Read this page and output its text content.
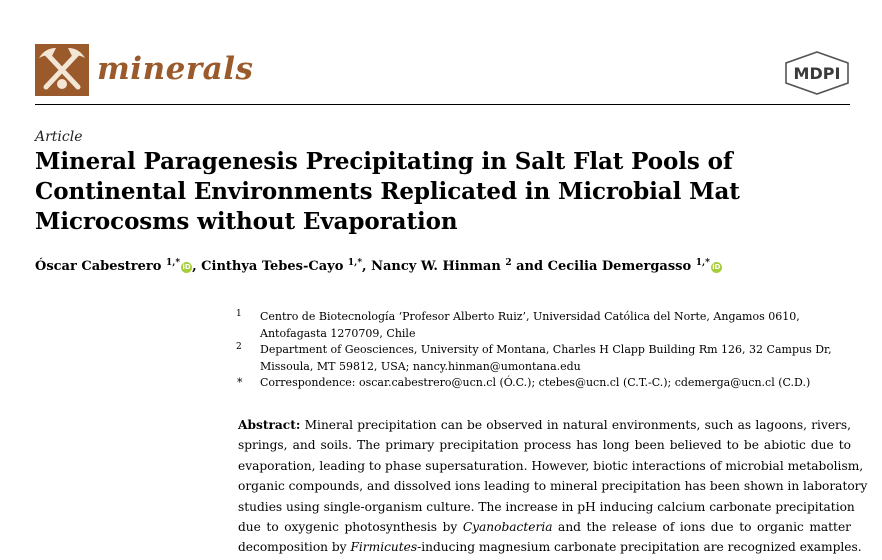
minerals	MDPI
Article
Mineral Paragenesis Precipitating in Salt Flat Pools of
Continental Environments Replicated in Microbial Mat
Microcosms without Evaporation
Óscar Cabestrero $^{1,*}$ iD, Cinthya Tebes-Cayo $^{1,*}$, Nancy W. Hinman $^2$ and Cecilia Demergasso $^{1,*}$ iD
1 Centro de Biotecnología ‘Profesor Alberto Ruiz’, Universidad Católica del Norte, Angamos 0610,
Antofagasta 1270709, Chile
2 Department of Geosciences, University of Montana, Charles H Clapp Building Rm 126, 32 Campus Dr,
Missoula, MT 59812, USA; nancy.hinman@umontana.edu
* Correspondence: oscar.cabestrero@ucn.cl (Ó.C.); ctebes@ucn.cl (C.T.-C.); cdemerga@ucn.cl (C.D.)
Abstract: Mineral precipitation can be observed in natural environments, such as lagoons, rivers,
springs, and soils. The primary precipitation process has long been believed to be abiotic due to
evaporation, leading to phase supersaturation. However, biotic interactions of microbial metabolism,
organic compounds, and dissolved ions leading to mineral precipitation has been shown in laboratory
studies using single-organism culture. The increase in pH inducing calcium carbonate precipitation
due to oxygenic photosynthesis by Cyanobacteria and the release of ions due to organic matter
decomposition by Firmicutes-inducing magnesium carbonate precipitation are recognized examples.
